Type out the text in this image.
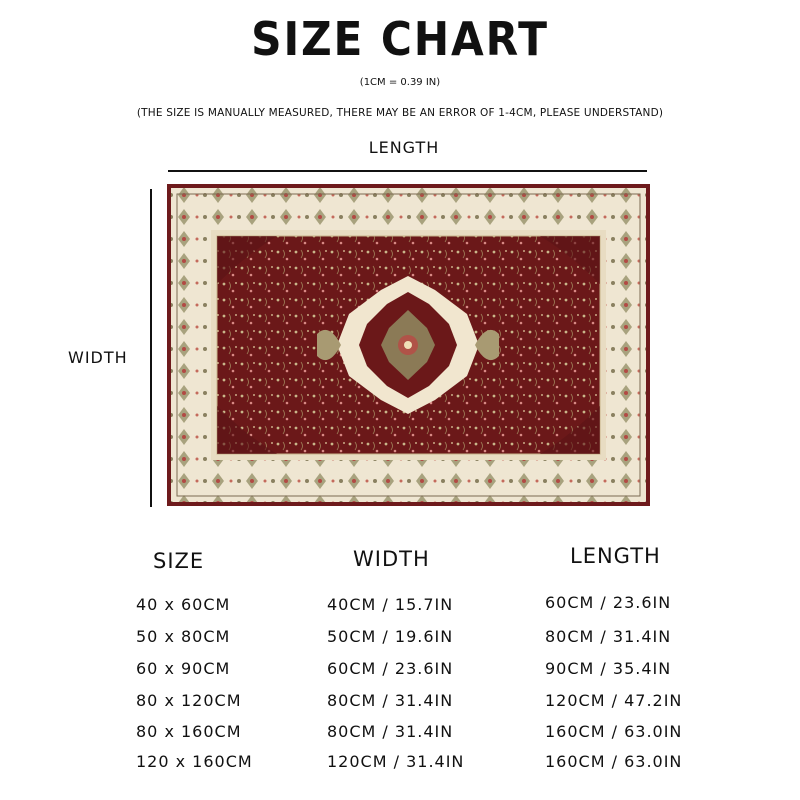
SIZE CHART
(1CM = 0.39 IN)
(THE SIZE IS MANUALLY MEASURED, THERE MAY BE AN ERROR OF 1-4CM, PLEASE UNDERSTAND)
LENGTH
WIDTH
SIZE	WIDTH	LENGTH
40 x 60CM	40CM / 15.7IN	60CM / 23.6IN
50 x 80CM	50CM / 19.6IN	80CM / 31.4IN
60 x 90CM	60CM / 23.6IN	90CM / 35.4IN
80 x 120CM	80CM / 31.4IN	120CM / 47.2IN
80 x 160CM	80CM / 31.4IN	160CM / 63.0IN
120 x 160CM	120CM / 31.4IN	160CM / 63.0IN
